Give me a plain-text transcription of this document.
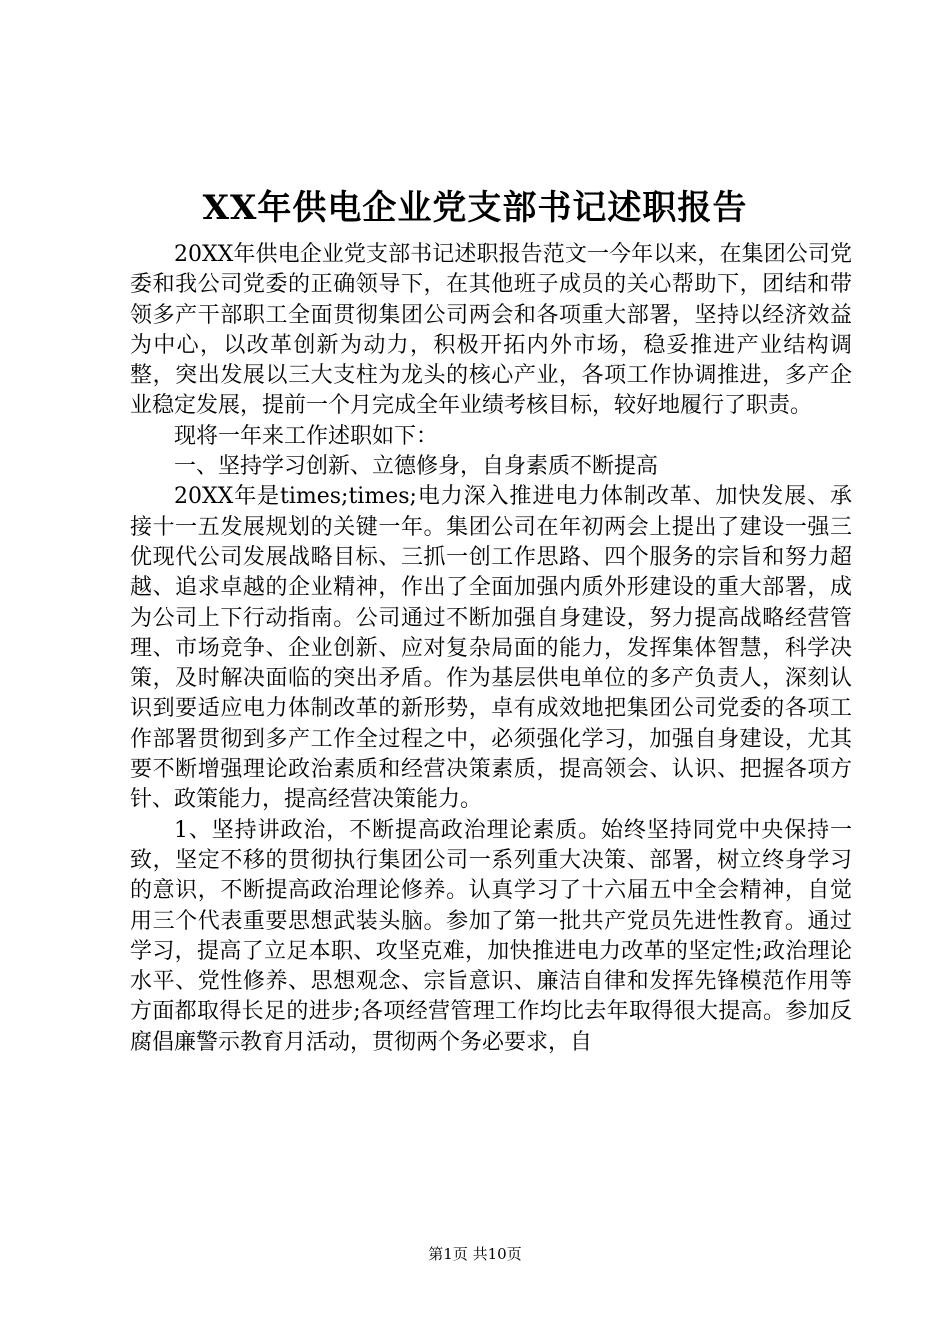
XX年供电企业党支部书记述职报告

20XX年供电企业党支部书记述职报告范文一今年以来，在集团公司党委和我公司党委的正确领导下，在其他班子成员的关心帮助下，团结和带领多产干部职工全面贯彻集团公司两会和各项重大部署，坚持以经济效益为中心，以改革创新为动力，积极开拓内外市场，稳妥推进产业结构调整，突出发展以三大支柱为龙头的核心产业，各项工作协调推进，多产企业稳定发展，提前一个月完成全年业绩考核目标，较好地履行了职责。

现将一年来工作述职如下：

一、坚持学习创新、立德修身，自身素质不断提高

20XX年是times;times;电力深入推进电力体制改革、加快发展、承接十一五发展规划的关键一年。集团公司在年初两会上提出了建设一强三优现代公司发展战略目标、三抓一创工作思路、四个服务的宗旨和努力超越、追求卓越的企业精神，作出了全面加强内质外形建设的重大部署，成为公司上下行动指南。公司通过不断加强自身建设，努力提高战略经营管理、市场竞争、企业创新、应对复杂局面的能力，发挥集体智慧，科学决策，及时解决面临的突出矛盾。作为基层供电单位的多产负责人，深刻认识到要适应电力体制改革的新形势，卓有成效地把集团公司党委的各项工作部署贯彻到多产工作全过程之中，必须强化学习，加强自身建设，尤其要不断增强理论政治素质和经营决策素质，提高领会、认识、把握各项方针、政策能力，提高经营决策能力。

1、坚持讲政治，不断提高政治理论素质。始终坚持同党中央保持一致，坚定不移的贯彻执行集团公司一系列重大决策、部署，树立终身学习的意识，不断提高政治理论修养。认真学习了十六届五中全会精神，自觉用三个代表重要思想武装头脑。参加了第一批共产党员先进性教育。通过学习，提高了立足本职、攻坚克难，加快推进电力改革的坚定性;政治理论水平、党性修养、思想观念、宗旨意识、廉洁自律和发挥先锋模范作用等方面都取得长足的进步;各项经营管理工作均比去年取得很大提高。参加反腐倡廉警示教育月活动，贯彻两个务必要求，自

第1页 共10页
